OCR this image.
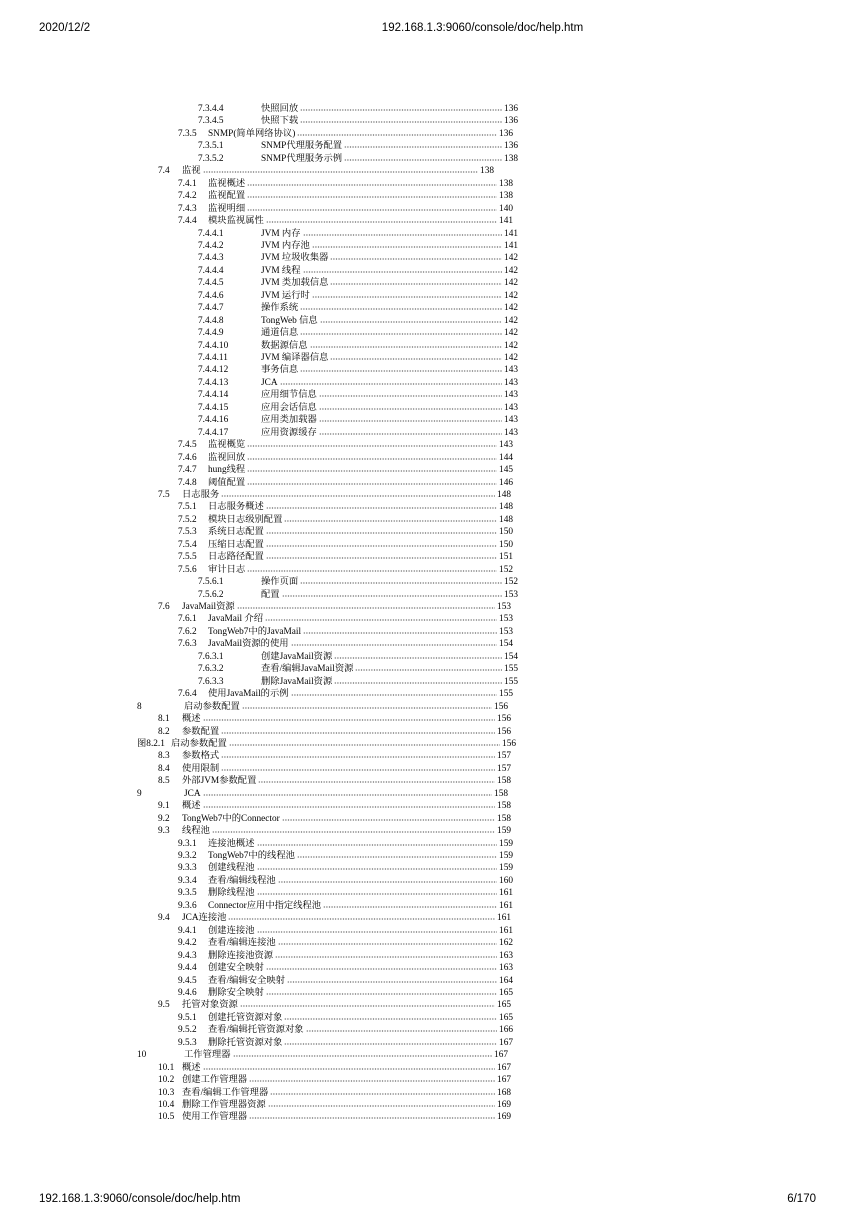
2020/12/2	192.168.1.3:9060/console/doc/help.htm
7.3.4.4	快照回放	136
7.3.4.5	快照下载	136
7.3.5	SNMP(简单网络协议)	136
7.3.5.1	SNMP代理服务配置	136
7.3.5.2	SNMP代理服务示例	138
7.4	监视	138
7.4.1	监视概述	138
7.4.2	监视配置	138
7.4.3	监视明细	140
7.4.4	模块监视属性	141
7.4.4.1	JVM 内存	141
7.4.4.2	JVM 内存池	141
7.4.4.3	JVM 垃圾收集器	142
7.4.4.4	JVM 线程	142
7.4.4.5	JVM 类加载信息	142
7.4.4.6	JVM 运行时	142
7.4.4.7	操作系统	142
7.4.4.8	TongWeb 信息	142
7.4.4.9	通道信息	142
7.4.4.10	数据源信息	142
7.4.4.11	JVM 编译器信息	142
7.4.4.12	事务信息	143
7.4.4.13	JCA	143
7.4.4.14	应用细节信息	143
7.4.4.15	应用会话信息	143
7.4.4.16	应用类加载器	143
7.4.4.17	应用资源缓存	143
7.4.5	监视概览	143
7.4.6	监视回放	144
7.4.7	hung线程	145
7.4.8	阈值配置	146
7.5	日志服务	148
7.5.1	日志服务概述	148
7.5.2	模块日志级别配置	148
7.5.3	系统日志配置	150
7.5.4	压缩日志配置	150
7.5.5	日志路径配置	151
7.5.6	审计日志	152
7.5.6.1	操作页面	152
7.5.6.2	配置	153
7.6	JavaMail资源	153
7.6.1	JavaMail 介绍	153
7.6.2	TongWeb7中的JavaMail	153
7.6.3	JavaMail资源的使用	154
7.6.3.1	创建JavaMail资源	154
7.6.3.2	查看/编辑JavaMail资源	155
7.6.3.3	删除JavaMail资源	155
7.6.4	使用JavaMail的示例	155
8	启动参数配置	156
8.1	概述	156
8.2	参数配置	156
图8.2.1 启动参数配置	156
8.3	参数格式	157
8.4	使用限制	157
8.5	外部JVM参数配置	158
9	JCA	158
9.1	概述	158
9.2	TongWeb7中的Connector	158
9.3	线程池	159
9.3.1	连接池概述	159
9.3.2	TongWeb7中的线程池	159
9.3.3	创建线程池	159
9.3.4	查看/编辑线程池	160
9.3.5	删除线程池	161
9.3.6	Connector应用中指定线程池	161
9.4	JCA连接池	161
9.4.1	创建连接池	161
9.4.2	查看/编辑连接池	162
9.4.3	删除连接池资源	163
9.4.4	创建安全映射	163
9.4.5	查看/编辑安全映射	164
9.4.6	删除安全映射	165
9.5	托管对象资源	165
9.5.1	创建托管资源对象	165
9.5.2	查看/编辑托管资源对象	166
9.5.3	删除托管资源对象	167
10	工作管理器	167
10.1 概述	167
10.2 创建工作管理器	167
10.3 查看/编辑工作管理器	168
10.4 删除工作管理器资源	169
10.5 使用工作管理器	169
192.168.1.3:9060/console/doc/help.htm	6/170
